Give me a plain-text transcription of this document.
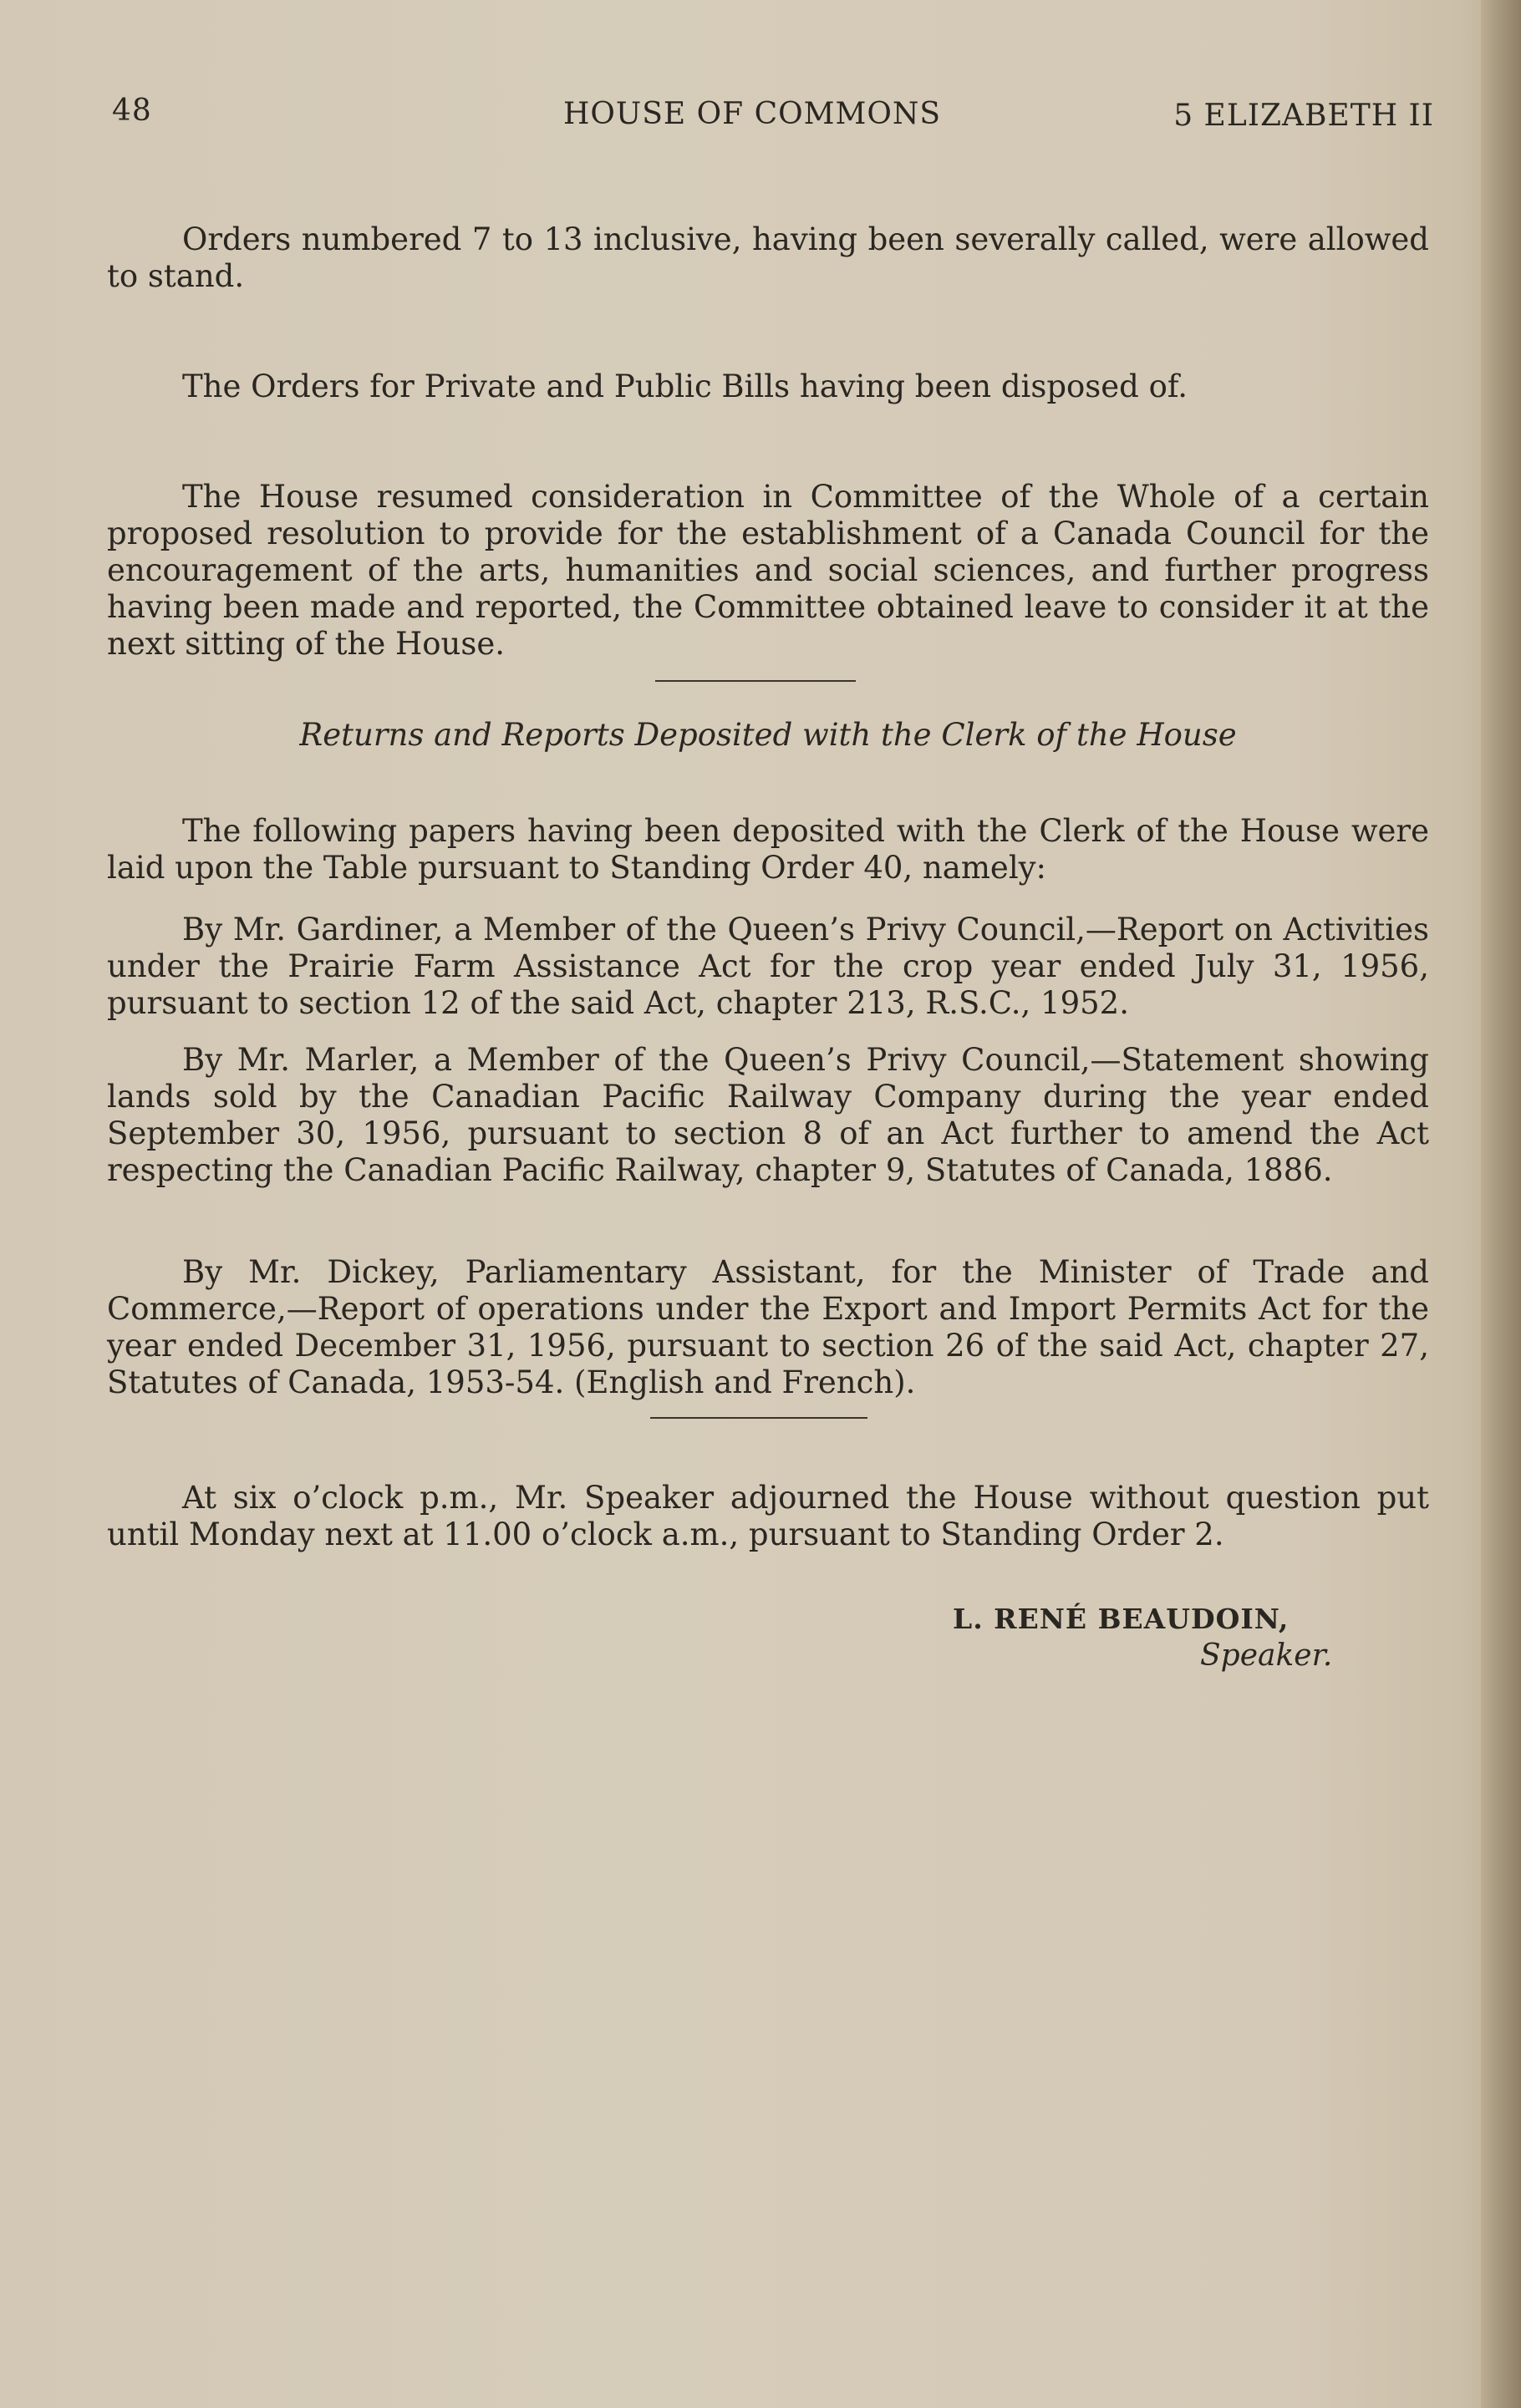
48	HOUSE OF COMMONS	5 ELIZABETH II

Orders numbered 7 to 13 inclusive, having been severally called, were allowed to stand.

The Orders for Private and Public Bills having been disposed of.

The House resumed consideration in Committee of the Whole of a certain proposed resolution to provide for the establishment of a Canada Council for the encouragement of the arts, humanities and social sciences, and further progress having been made and reported, the Committee obtained leave to consider it at the next sitting of the House.

Returns and Reports Deposited with the Clerk of the House

The following papers having been deposited with the Clerk of the House were laid upon the Table pursuant to Standing Order 40, namely:

By Mr. Gardiner, a Member of the Queen’s Privy Council,—Report on Activities under the Prairie Farm Assistance Act for the crop year ended July 31, 1956, pursuant to section 12 of the said Act, chapter 213, R.S.C., 1952.

By Mr. Marler, a Member of the Queen’s Privy Council,—Statement showing lands sold by the Canadian Pacific Railway Company during the year ended September 30, 1956, pursuant to section 8 of an Act further to amend the Act respecting the Canadian Pacific Railway, chapter 9, Statutes of Canada, 1886.

By Mr. Dickey, Parliamentary Assistant, for the Minister of Trade and Commerce,—Report of operations under the Export and Import Permits Act for the year ended December 31, 1956, pursuant to section 26 of the said Act, chapter 27, Statutes of Canada, 1953-54. (English and French).

At six o’clock p.m., Mr. Speaker adjourned the House without question put until Monday next at 11.00 o’clock a.m., pursuant to Standing Order 2.

L. RENÉ BEAUDOIN,
Speaker.
